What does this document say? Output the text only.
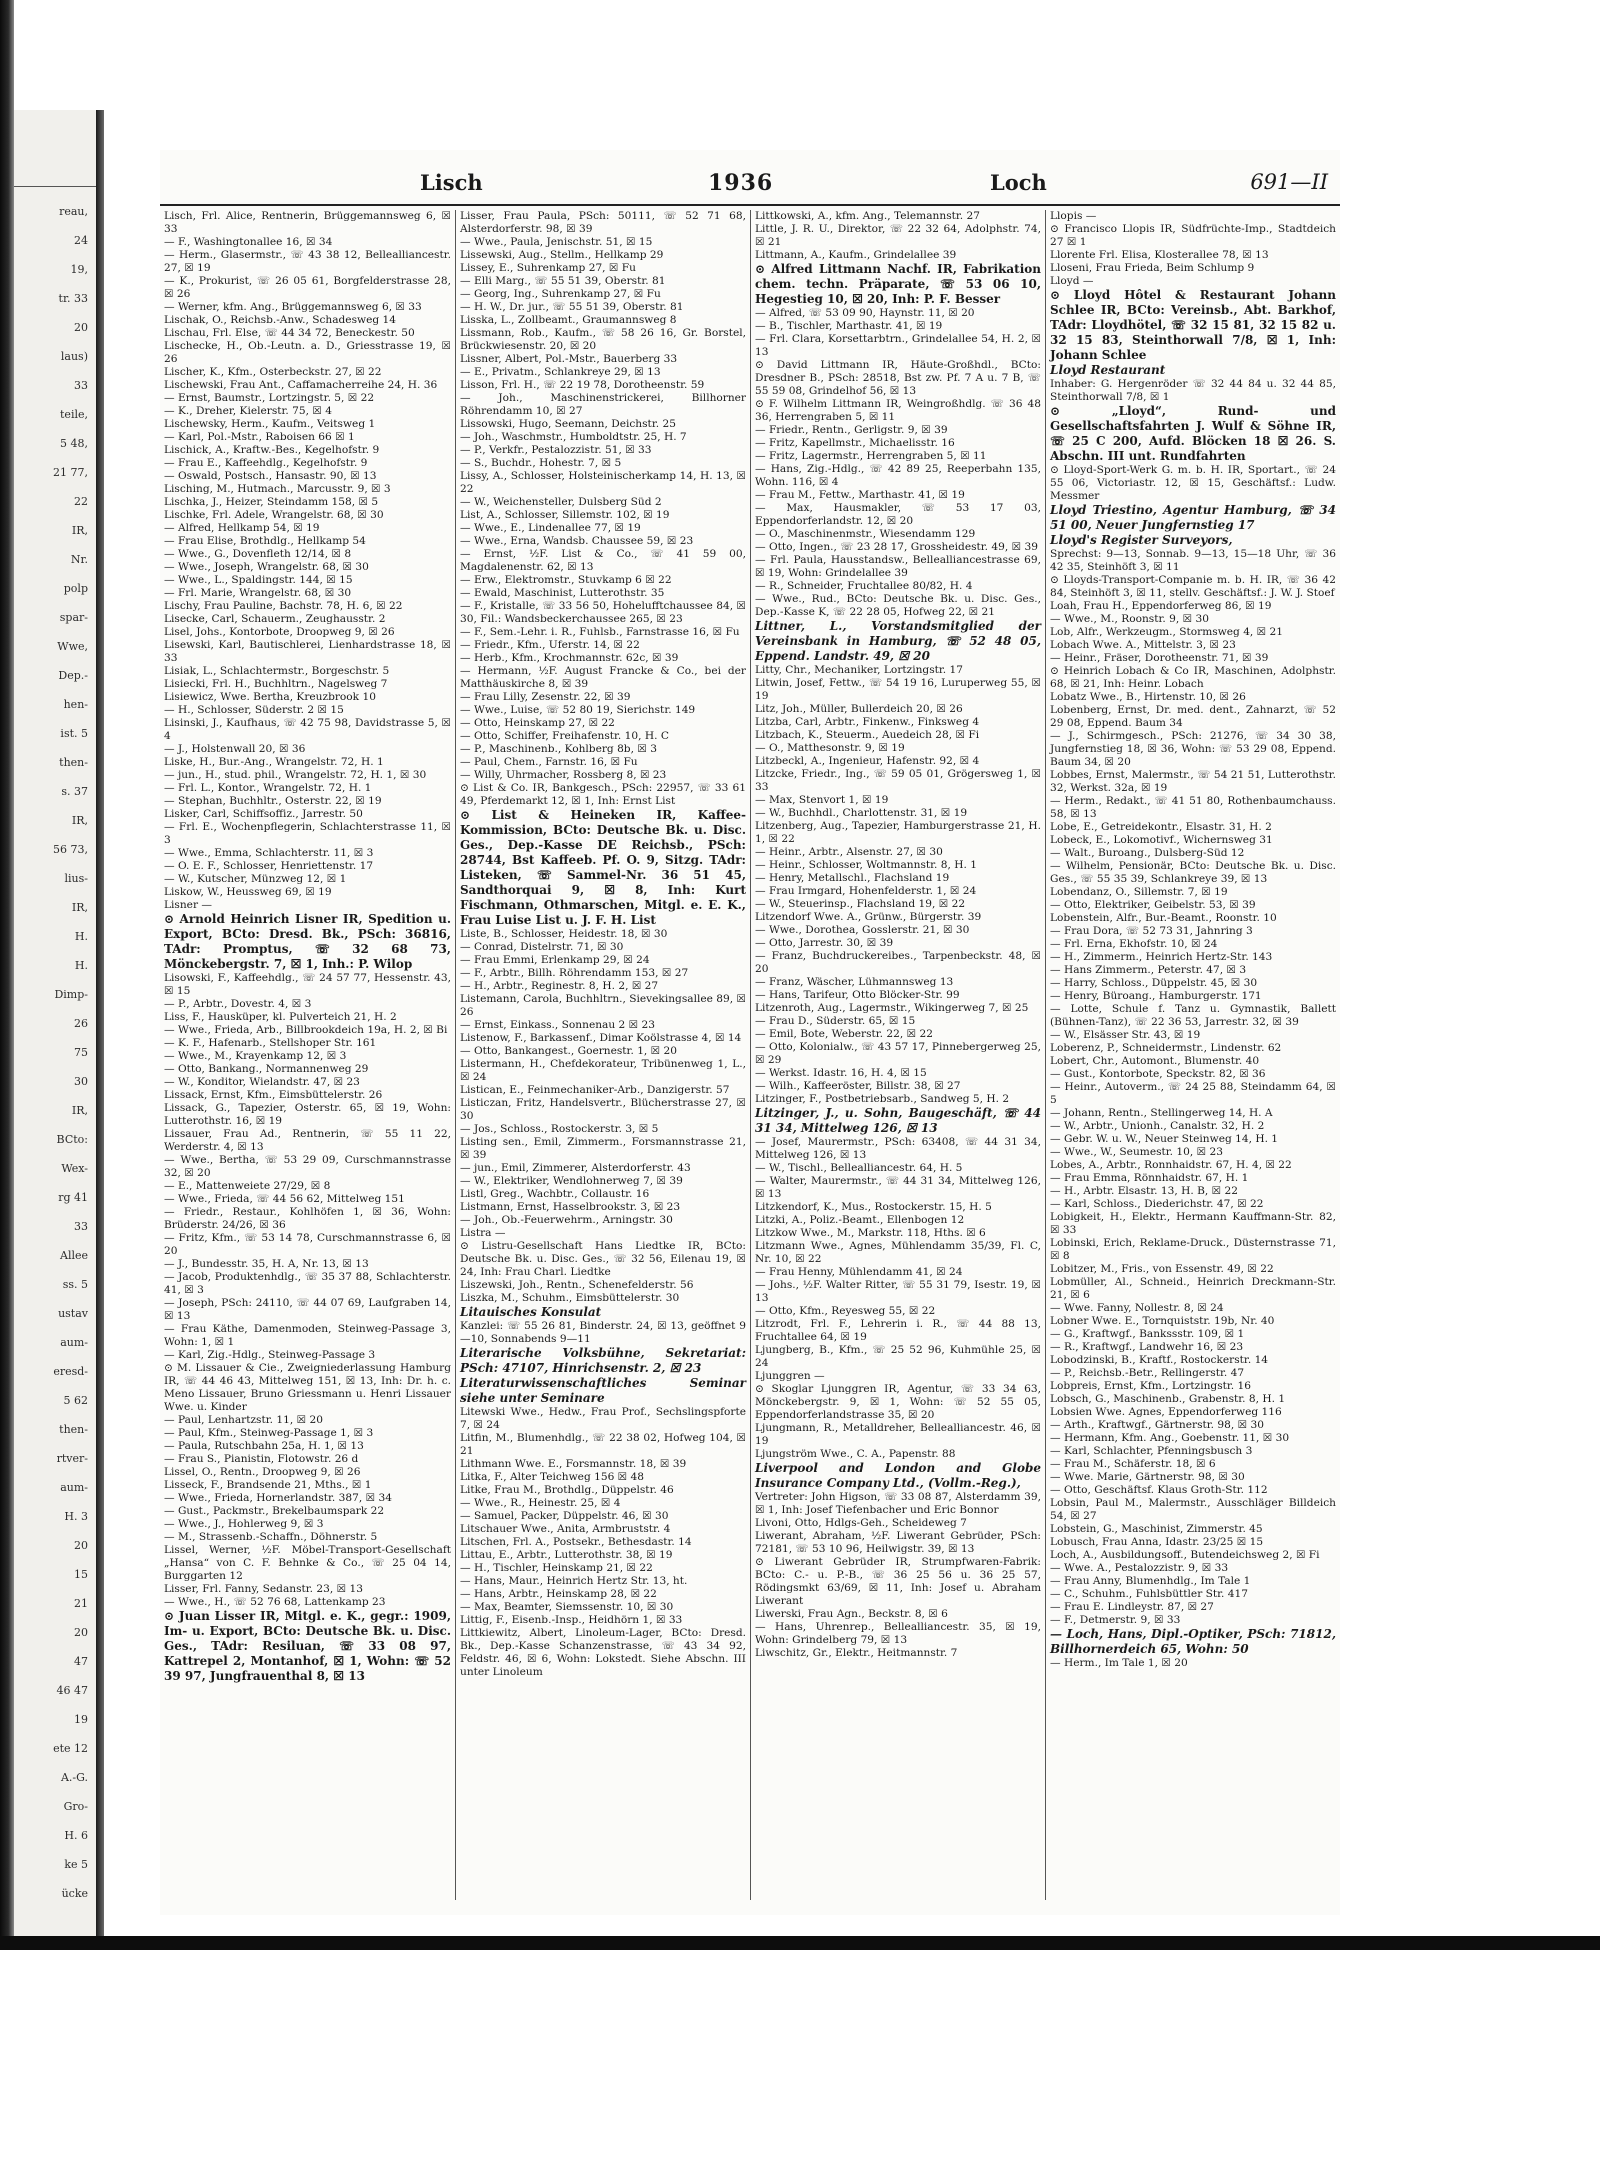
reau,
24
19,
tr. 33
20
laus)
33
teile,
5 48,
21 77,
22
IR,
Nr.
polp
spar-
Wwe,
Dep.-
hen-
ist. 5
then-
s. 37
IR,
56 73,
lius-
IR,
H.
H.
Dimp-
26
75
30
IR,
BCto:
Wex-
rg 41
33
Allee
ss. 5
ustav
aum-
eresd-
5 62
then-
rtver-
aum-
H. 3
20
15
21
20
47
46 47
19
ete 12
A.-G.
Gro-
H. 6
ke 5
ücke
Lisch	1936	Loch	691—II

Lisch, Frl. Alice, Rentnerin, Brüggemannsweg 6, ☒ 33

— F., Washingtonallee 16, ☒ 34

— Herm., Glasermstr., ☏ 43 38 12, Bellealliancestr. 27, ☒ 19

— K., Prokurist, ☏ 26 05 61, Borgfelderstrasse 28, ☒ 26

— Werner, kfm. Ang., Brüggemannsweg 6, ☒ 33

Lischak, O., Reichsb.-Anw., Schadesweg 14

Lischau, Frl. Else, ☏ 44 34 72, Beneckestr. 50

Lischecke, H., Ob.-Leutn. a. D., Griesstrasse 19, ☒ 26

Lischer, K., Kfm., Osterbeckstr. 27, ☒ 22

Lischewski, Frau Ant., Caffamacherreihe 24, H. 36

— Ernst, Baumstr., Lortzingstr. 5, ☒ 22

— K., Dreher, Kielerstr. 75, ☒ 4

Lischewsky, Herm., Kaufm., Veitsweg 1

— Karl, Pol.-Mstr., Raboisen 66 ☒ 1

Lischick, A., Kraftw.-Bes., Kegelhofstr. 9

— Frau E., Kaffeehdlg., Kegelhofstr. 9

— Oswald, Postsch., Hansastr. 90, ☒ 13

Lisching, M., Hutmach., Marcusstr. 9, ☒ 3

Lischka, J., Heizer, Steindamm 158, ☒ 5

Lischke, Frl. Adele, Wrangelstr. 68, ☒ 30

— Alfred, Hellkamp 54, ☒ 19

— Frau Elise, Brothdlg., Hellkamp 54

— Wwe., G., Dovenfleth 12/14, ☒ 8

— Wwe., Joseph, Wrangelstr. 68, ☒ 30

— Wwe., L., Spaldingstr. 144, ☒ 15

— Frl. Marie, Wrangelstr. 68, ☒ 30

Lischy, Frau Pauline, Bachstr. 78, H. 6, ☒ 22

Lisecke, Carl, Schauerm., Zeughausstr. 2

Lisel, Johs., Kontorbote, Droopweg 9, ☒ 26

Lisewski, Karl, Bautischlerei, Lienhardstrasse 18, ☒ 33

Lisiak, L., Schlachtermstr., Borgeschstr. 5

Lisiecki, Frl. H., Buchhltrn., Nagelsweg 7

Lisiewicz, Wwe. Bertha, Kreuzbrook 10

— H., Schlosser, Süderstr. 2 ☒ 15

Lisinski, J., Kaufhaus, ☏ 42 75 98, Davidstrasse 5, ☒ 4

— J., Holstenwall 20, ☒ 36

Liske, H., Bur.-Ang., Wrangelstr. 72, H. 1

— jun., H., stud. phil., Wrangelstr. 72, H. 1, ☒ 30

— Frl. L., Kontor., Wrangelstr. 72, H. 1

— Stephan, Buchhltr., Osterstr. 22, ☒ 19

Lisker, Carl, Schiffsoffiz., Jarrestr. 50

— Frl. E., Wochenpflegerin, Schlachterstrasse 11, ☒ 3

— Wwe., Emma, Schlachterstr. 11, ☒ 3

— O. E. F., Schlosser, Henriettenstr. 17

— W., Kutscher, Münzweg 12, ☒ 1

Liskow, W., Heussweg 69, ☒ 19

Lisner —

⊙ Arnold Heinrich Lisner IR, Spedition u. Export, BCto: Dresd. Bk., PSch: 36816, TAdr: Promptus, ☏ 32 68 73, Mönckebergstr. 7, ☒ 1, Inh.: P. Wilop

Lisowski, F., Kaffeehdlg., ☏ 24 57 77, Hessenstr. 43, ☒ 15

— P., Arbtr., Dovestr. 4, ☒ 3

Liss, F., Hausküper, kl. Pulverteich 21, H. 2

— Wwe., Frieda, Arb., Billbrookdeich 19a, H. 2, ☒ Bi

— K. F., Hafenarb., Stellshoper Str. 161

— Wwe., M., Krayenkamp 12, ☒ 3

— Otto, Bankang., Normannenweg 29

— W., Konditor, Wielandstr. 47, ☒ 23

Lissack, Ernst, Kfm., Eimsbüttelerstr. 26

Lissack, G., Tapezier, Osterstr. 65, ☒ 19, Wohn: Lutterothstr. 16, ☒ 19

Lissauer, Frau Ad., Rentnerin, ☏ 55 11 22, Werderstr. 4, ☒ 13

— Wwe., Bertha, ☏ 53 29 09, Curschmannstrasse 32, ☒ 20

— E., Mattenweiete 27/29, ☒ 8

— Wwe., Frieda, ☏ 44 56 62, Mittelweg 151

— Friedr., Restaur., Kohlhöfen 1, ☒ 36, Wohn: Brüderstr. 24/26, ☒ 36

— Fritz, Kfm., ☏ 53 14 78, Curschmannstrasse 6, ☒ 20

— J., Bundesstr. 35, H. A, Nr. 13, ☒ 13

— Jacob, Produktenhdlg., ☏ 35 37 88, Schlachterstr. 41, ☒ 3

— Joseph, PSch: 24110, ☏ 44 07 69, Laufgraben 14, ☒ 13

— Frau Käthe, Damenmoden, Steinweg-Passage 3, Wohn: 1, ☒ 1

— Karl, Zig.-Hdlg., Steinweg-Passage 3

⊙ M. Lissauer & Cie., Zweigniederlassung Hamburg IR, ☏ 44 46 43, Mittelweg 151, ☒ 13, Inh: Dr. h. c. Meno Lissauer, Bruno Griessmann u. Henri Lissauer Wwe. u. Kinder

— Paul, Lenhartzstr. 11, ☒ 20

— Paul, Kfm., Steinweg-Passage 1, ☒ 3

— Paula, Rutschbahn 25a, H. 1, ☒ 13

— Frau S., Pianistin, Flotowstr. 26 d

Lissel, O., Rentn., Droopweg 9, ☒ 26

Lisseck, F., Brandsende 21, Mths., ☒ 1

— Wwe., Frieda, Hornerlandstr. 387, ☒ 34

— Gust., Packmstr., Brekelbaumspark 22

— Wwe., J., Hohlerweg 9, ☒ 3

— M., Strassenb.-Schaffn., Döhnerstr. 5

Lissel, Werner, ½F. Möbel-Transport-Gesellschaft „Hansa“ von C. F. Behnke & Co., ☏ 25 04 14, Burggarten 12

Lisser, Frl. Fanny, Sedanstr. 23, ☒ 13

— Wwe., H., ☏ 52 76 68, Lattenkamp 23

⊙ Juan Lisser IR, Mitgl. e. K., gegr.: 1909, Im- u. Export, BCto: Deutsche Bk. u. Disc. Ges., TAdr: Resiluan, ☏ 33 08 97, Kattrepel 2, Montanhof, ☒ 1, Wohn: ☏ 52 39 97, Jungfrauenthal 8, ☒ 13

Lisser, Frau Paula, PSch: 50111, ☏ 52 71 68, Alsterdorferstr. 98, ☒ 39

— Wwe., Paula, Jenischstr. 51, ☒ 15

Lissewski, Aug., Stellm., Hellkamp 29

Lissey, E., Suhrenkamp 27, ☒ Fu

— Elli Marg., ☏ 55 51 39, Oberstr. 81

— Georg, Ing., Suhrenkamp 27, ☒ Fu

— H. W., Dr. jur., ☏ 55 51 39, Oberstr. 81

Lisska, L., Zollbeamt., Graumannsweg 8

Lissmann, Rob., Kaufm., ☏ 58 26 16, Gr. Borstel, Brückwiesenstr. 20, ☒ 20

Lissner, Albert, Pol.-Mstr., Bauerberg 33

— E., Privatm., Schlankreye 29, ☒ 13

Lisson, Frl. H., ☏ 22 19 78, Dorotheenstr. 59

— Joh., Maschinenstrickerei, Billhorner Röhrendamm 10, ☒ 27

Lissowski, Hugo, Seemann, Deichstr. 25

— Joh., Waschmstr., Humboldtstr. 25, H. 7

— P., Verkfr., Pestalozzistr. 51, ☒ 33

— S., Buchdr., Hohestr. 7, ☒ 5

Lissy, A., Schlosser, Holsteinischerkamp 14, H. 13, ☒ 22

— W., Weichensteller, Dulsberg Süd 2

List, A., Schlosser, Sillemstr. 102, ☒ 19

— Wwe., E., Lindenallee 77, ☒ 19

— Wwe., Erna, Wandsb. Chaussee 59, ☒ 23

— Ernst, ½F. List & Co., ☏ 41 59 00, Magdalenenstr. 62, ☒ 13

— Erw., Elektromstr., Stuvkamp 6 ☒ 22

— Ewald, Maschinist, Lutterothstr. 35

— F., Kristalle, ☏ 33 56 50, Hohelufftchaussee 84, ☒ 30, Fil.: Wandsbeckerchaussee 265, ☒ 23

— F., Sem.-Lehr. i. R., Fuhlsb., Farnstrasse 16, ☒ Fu

— Friedr., Kfm., Uferstr. 14, ☒ 22

— Herb., Kfm., Krochmannstr. 62c, ☒ 39

— Hermann, ½F. August Francke & Co., bei der Matthäuskirche 8, ☒ 39

— Frau Lilly, Zesenstr. 22, ☒ 39

— Wwe., Luise, ☏ 52 80 19, Sierichstr. 149

— Otto, Heinskamp 27, ☒ 22

— Otto, Schiffer, Freihafenstr. 10, H. C

— P., Maschinenb., Kohlberg 8b, ☒ 3

— Paul, Chem., Farnstr. 16, ☒ Fu

— Willy, Uhrmacher, Rossberg 8, ☒ 23

⊙ List & Co. IR, Bankgesch., PSch: 22957, ☏ 33 61 49, Pferdemarkt 12, ☒ 1, Inh: Ernst List

⊙ List & Heineken IR, Kaffee-Kommission, BCto: Deutsche Bk. u. Disc. Ges., Dep.-Kasse DE Reichsb., PSch: 28744, Bst Kaffeeb. Pf. O. 9, Sitzg. TAdr: Listeken, ☏ Sammel-Nr. 36 51 45, Sandthorquai 9, ☒ 8, Inh: Kurt Fischmann, Othmarschen, Mitgl. e. E. K., Frau Luise List u. J. F. H. List

Liste, B., Schlosser, Heidestr. 18, ☒ 30

— Conrad, Distelrstr. 71, ☒ 30

— Frau Emmi, Erlenkamp 29, ☒ 24

— F., Arbtr., Billh. Röhrendamm 153, ☒ 27

— H., Arbtr., Reginestr. 8, H. 2, ☒ 27

Listemann, Carola, Buchhltrn., Sievekingsallee 89, ☒ 26

— Ernst, Einkass., Sonnenau 2 ☒ 23

Listenow, F., Barkassenf., Dimar Koölstrasse 4, ☒ 14

— Otto, Bankangest., Goernestr. 1, ☒ 20

Listermann, H., Chefdekorateur, Tribünenweg 1, L., ☒ 24

Listican, E., Feinmechaniker-Arb., Danzigerstr. 57

Listiczan, Fritz, Handelsvertr., Blücherstrasse 27, ☒ 30

— Jos., Schloss., Rostockerstr. 3, ☒ 5

Listing sen., Emil, Zimmerm., Forsmannstrasse 21, ☒ 39

— jun., Emil, Zimmerer, Alsterdorferstr. 43

— W., Elektriker, Wendlohnerweg 7, ☒ 39

Listl, Greg., Wachbtr., Collaustr. 16

Listmann, Ernst, Hasselbrookstr. 3, ☒ 23

— Joh., Ob.-Feuerwehrm., Arningstr. 30

Listra —

⊙ Listru-Gesellschaft Hans Liedtke IR, BCto: Deutsche Bk. u. Disc. Ges., ☏ 32 56, Eilenau 19, ☒ 24, Inh: Frau Charl. Liedtke

Liszewski, Joh., Rentn., Schenefelderstr. 56

Liszka, M., Schuhm., Eimsbüttelerstr. 30

Litauisches Konsulat

Kanzlei: ☏ 55 26 81, Binderstr. 24, ☒ 13, geöffnet 9—10, Sonnabends 9—11

Literarische Volksbühne, Sekretariat: PSch: 47107, Hinrichsenstr. 2, ☒ 23

Literaturwissenschaftliches Seminar siehe unter Seminare

Litewski Wwe., Hedw., Frau Prof., Sechslingspforte 7, ☒ 24

Litfin, M., Blumenhdlg., ☏ 22 38 02, Hofweg 104, ☒ 21

Lithmann Wwe. E., Forsmannstr. 18, ☒ 39

Litka, F., Alter Teichweg 156 ☒ 48

Litke, Frau M., Brothdlg., Düppelstr. 46

— Wwe., R., Heinestr. 25, ☒ 4

— Samuel, Packer, Düppelstr. 46, ☒ 30

Litschauer Wwe., Anita, Armbruststr. 4

Litschen, Frl. A., Postsekr., Bethesdastr. 14

Littau, E., Arbtr., Lutterothstr. 38, ☒ 19

— H., Tischler, Heinskamp 21, ☒ 22

— Hans, Maur., Heinrich Hertz Str. 13, ht.

— Hans, Arbtr., Heinskamp 28, ☒ 22

— Max, Beamter, Siemssenstr. 10, ☒ 30

Littig, F., Eisenb.-Insp., Heidhörn 1, ☒ 33

Littkiewitz, Albert, Linoleum-Lager, BCto: Dresd. Bk., Dep.-Kasse Schanzenstrasse, ☏ 43 34 92, Feldstr. 46, ☒ 6, Wohn: Lokstedt. Siehe Abschn. III unter Linoleum

Littkowski, A., kfm. Ang., Telemannstr. 27

Little, J. R. U., Direktor, ☏ 22 32 64, Adolphstr. 74, ☒ 21

Littmann, A., Kaufm., Grindelallee 39

⊙ Alfred Littmann Nachf. IR, Fabrikation chem. techn. Präparate, ☏ 53 06 10, Hegestieg 10, ☒ 20, Inh: P. F. Besser

— Alfred, ☏ 53 09 90, Haynstr. 11, ☒ 20

— B., Tischler, Marthastr. 41, ☒ 19

— Frl. Clara, Korsettarbtrn., Grindelallee 54, H. 2, ☒ 13

⊙ David Littmann IR, Häute-Großhdl., BCto: Dresdner B., PSch: 28518, Bst zw. Pf. 7 A u. 7 B, ☏ 55 59 08, Grindelhof 56, ☒ 13

⊙ F. Wilhelm Littmann IR, Weingroßhdlg. ☏ 36 48 36, Herrengraben 5, ☒ 11

— Friedr., Rentn., Gerligstr. 9, ☒ 39

— Fritz, Kapellmstr., Michaelisstr. 16

— Fritz, Lagermstr., Herrengraben 5, ☒ 11

— Hans, Zig.-Hdlg., ☏ 42 89 25, Reeperbahn 135, Wohn. 116, ☒ 4

— Frau M., Fettw., Marthastr. 41, ☒ 19

— Max, Hausmakler, ☏ 53 17 03, Eppendorferlandstr. 12, ☒ 20

— O., Maschinenmstr., Wiesendamm 129

— Otto, Ingen., ☏ 23 28 17, Grossheidestr. 49, ☒ 39

— Frl. Paula, Hausstandsw., Bellealliancestrasse 69, ☒ 19, Wohn: Grindelallee 39

— R., Schneider, Fruchtallee 80/82, H. 4

— Wwe., Rud., BCto: Deutsche Bk. u. Disc. Ges., Dep.-Kasse K, ☏ 22 28 05, Hofweg 22, ☒ 21

Littner, L., Vorstandsmitglied der Vereinsbank in Hamburg, ☏ 52 48 05, Eppend. Landstr. 49, ☒ 20

Litty, Chr., Mechaniker, Lortzingstr. 17

Litwin, Josef, Fettw., ☏ 54 19 16, Luruperweg 55, ☒ 19

Litz, Joh., Müller, Bullerdeich 20, ☒ 26

Litzba, Carl, Arbtr., Finkenw., Finksweg 4

Litzbach, K., Steuerm., Auedeich 28, ☒ Fi

— O., Matthesonstr. 9, ☒ 19

Litzbeckl, A., Ingenieur, Hafenstr. 92, ☒ 4

Litzcke, Friedr., Ing., ☏ 59 05 01, Grögersweg 1, ☒ 33

— Max, Stenvort 1, ☒ 19

— W., Buchhdl., Charlottenstr. 31, ☒ 19

Litzenberg, Aug., Tapezier, Hamburgerstrasse 21, H. 1, ☒ 22

— Heinr., Arbtr., Alsenstr. 27, ☒ 30

— Heinr., Schlosser, Woltmannstr. 8, H. 1

— Henry, Metallschl., Flachsland 19

— Frau Irmgard, Hohenfelderstr. 1, ☒ 24

— W., Steuerinsp., Flachsland 19, ☒ 22

Litzendorf Wwe. A., Grünw., Bürgerstr. 39

— Wwe., Dorothea, Gosslerstr. 21, ☒ 30

— Otto, Jarrestr. 30, ☒ 39

— Franz, Buchdruckereibes., Tarpenbeckstr. 48, ☒ 20

— Franz, Wäscher, Lühmannsweg 13

— Hans, Tarifeur, Otto Blöcker-Str. 99

Litzenroth, Aug., Lagermstr., Wikingerweg 7, ☒ 25

— Frau D., Süderstr. 65, ☒ 15

— Emil, Bote, Weberstr. 22, ☒ 22

— Otto, Kolonialw., ☏ 43 57 17, Pinnebergerweg 25, ☒ 29

— Werkst. Idastr. 16, H. 4, ☒ 15

— Wilh., Kaffeeröster, Billstr. 38, ☒ 27

Litzinger, F., Postbetriebsarb., Sandweg 5, H. 2

Litzinger, J., u. Sohn, Baugeschäft, ☏ 44 31 34, Mittelweg 126, ☒ 13

— Josef, Maurermstr., PSch: 63408, ☏ 44 31 34, Mittelweg 126, ☒ 13

— W., Tischl., Bellealliancestr. 64, H. 5

— Walter, Maurermstr., ☏ 44 31 34, Mittelweg 126, ☒ 13

Litzkendorf, K., Mus., Rostockerstr. 15, H. 5

Litzki, A., Poliz.-Beamt., Ellenbogen 12

Litzkow Wwe., M., Markstr. 118, Hths. ☒ 6

Litzmann Wwe., Agnes, Mühlendamm 35/39, Fl. C, Nr. 10, ☒ 22

— Frau Henny, Mühlendamm 41, ☒ 24

— Johs., ½F. Walter Ritter, ☏ 55 31 79, Isestr. 19, ☒ 13

— Otto, Kfm., Reyesweg 55, ☒ 22

Litzrodt, Frl. F., Lehrerin i. R., ☏ 44 88 13, Fruchtallee 64, ☒ 19

Ljungberg, B., Kfm., ☏ 25 52 96, Kuhmühle 25, ☒ 24

Ljunggren —

⊙ Skoglar Ljunggren IR, Agentur, ☏ 33 34 63, Mönckebergstr. 9, ☒ 1, Wohn: ☏ 52 55 05, Eppendorferlandstrasse 35, ☒ 20

Ljungmann, R., Metalldreher, Bellealliancestr. 46, ☒ 19

Ljungström Wwe., C. A., Papenstr. 88

Liverpool and London and Globe Insurance Company Ltd., (Vollm.-Reg.),

Vertreter: John Higson, ☏ 33 08 87, Alsterdamm 39, ☒ 1, Inh: Josef Tiefenbacher und Eric Bonnor

Livoni, Otto, Hdlgs-Geh., Scheideweg 7

Liwerant, Abraham, ½F. Liwerant Gebrüder, PSch: 72181, ☏ 53 10 96, Heilwigstr. 39, ☒ 13

⊙ Liwerant Gebrüder IR, Strumpfwaren-Fabrik: BCto: C.- u. P.-B., ☏ 36 25 56 u. 36 25 57, Rödingsmkt 63/69, ☒ 11, Inh: Josef u. Abraham Liwerant

Liwerski, Frau Agn., Beckstr. 8, ☒ 6

— Hans, Uhrenrep., Bellealliancestr. 35, ☒ 19, Wohn: Grindelberg 79, ☒ 13

Liwschitz, Gr., Elektr., Heitmannstr. 7

Llopis —

⊙ Francisco Llopis IR, Südfrüchte-Imp., Stadtdeich 27 ☒ 1

Llorente Frl. Elisa, Klosterallee 78, ☒ 13

Lloseni, Frau Frieda, Beim Schlump 9

Lloyd —

⊙ Lloyd Hôtel & Restaurant Johann Schlee IR, BCto: Vereinsb., Abt. Barkhof, TAdr: Lloydhötel, ☏ 32 15 81, 32 15 82 u. 32 15 83, Steinthorwall 7/8, ☒ 1, Inh: Johann Schlee

Lloyd Restaurant

Inhaber: G. Hergenröder ☏ 32 44 84 u. 32 44 85, Steinthorwall 7/8, ☒ 1

⊙ „Lloyd“, Rund- und Gesellschaftsfahrten J. Wulf & Söhne IR, ☏ 25 C 200, Aufd. Blöcken 18 ☒ 26. S. Abschn. III unt. Rundfahrten

⊙ Lloyd-Sport-Werk G. m. b. H. IR, Sportart., ☏ 24 55 06, Victoriastr. 12, ☒ 15, Geschäftsf.: Ludw. Messmer

Lloyd Triestino, Agentur Hamburg, ☏ 34 51 00, Neuer Jungfernstieg 17

Lloyd's Register Surveyors,

Sprechst: 9—13, Sonnab. 9—13, 15—18 Uhr, ☏ 36 42 35, Steinhöft 3, ☒ 11

⊙ Lloyds-Transport-Companie m. b. H. IR, ☏ 36 42 84, Steinhöft 3, ☒ 11, stellv. Geschäftsf.: J. W. J. Stoef

Loah, Frau H., Eppendorferweg 86, ☒ 19

— Wwe., M., Roonstr. 9, ☒ 30

Lob, Alfr., Werkzeugm., Stormsweg 4, ☒ 21

Lobach Wwe. A., Mittelstr. 3, ☒ 23

— Heinr., Fräser, Dorotheenstr. 71, ☒ 39

⊙ Heinrich Lobach & Co IR, Maschinen, Adolphstr. 68, ☒ 21, Inh: Heinr. Lobach

Lobatz Wwe., B., Hirtenstr. 10, ☒ 26

Lobenberg, Ernst, Dr. med. dent., Zahnarzt, ☏ 52 29 08, Eppend. Baum 34

— J., Schirmgesch., PSch: 21276, ☏ 34 30 38, Jungfernstieg 18, ☒ 36, Wohn: ☏ 53 29 08, Eppend. Baum 34, ☒ 20

Lobbes, Ernst, Malermstr., ☏ 54 21 51, Lutterothstr. 32, Werkst. 32a, ☒ 19

— Herm., Redakt., ☏ 41 51 80, Rothenbaumchauss. 58, ☒ 13

Lobe, E., Getreidekontr., Elsastr. 31, H. 2

Lobeck, E., Lokomotivf., Wichernsweg 31

— Walt., Buroang., Dulsberg-Süd 12

— Wilhelm, Pensionär, BCto: Deutsche Bk. u. Disc. Ges., ☏ 55 35 39, Schlankreye 39, ☒ 13

Lobendanz, O., Sillemstr. 7, ☒ 19

— Otto, Elektriker, Geibelstr. 53, ☒ 39

Lobenstein, Alfr., Bur.-Beamt., Roonstr. 10

— Frau Dora, ☏ 52 73 31, Jahnring 3

— Frl. Erna, Ekhofstr. 10, ☒ 24

— H., Zimmerm., Heinrich Hertz-Str. 143

— Hans Zimmerm., Peterstr. 47, ☒ 3

— Harry, Schloss., Düppelstr. 45, ☒ 30

— Henry, Büroang., Hamburgerstr. 171

— Lotte, Schule f. Tanz u. Gymnastik, Ballett (Bühnen-Tanz), ☏ 22 36 53, Jarrestr. 32, ☒ 39

— W., Elsässer Str. 43, ☒ 19

Loberenz, P., Schneidermstr., Lindenstr. 62

Lobert, Chr., Automont., Blumenstr. 40

— Gust., Kontorbote, Speckstr. 82, ☒ 36

— Heinr., Autoverm., ☏ 24 25 88, Steindamm 64, ☒ 5

— Johann, Rentn., Stellingerweg 14, H. A

— W., Arbtr., Unionh., Canalstr. 32, H. 2

— Gebr. W. u. W., Neuer Steinweg 14, H. 1

— Wwe., W., Seumestr. 10, ☒ 23

Lobes, A., Arbtr., Ronnhaidstr. 67, H. 4, ☒ 22

— Frau Emma, Rönnhaidstr. 67, H. 1

— H., Arbtr. Elsastr. 13, H. B, ☒ 22

— Karl, Schloss., Diederichstr. 47, ☒ 22

Lobigkeit, H., Elektr., Hermann Kauffmann-Str. 82, ☒ 33

Lobinski, Erich, Reklame-Druck., Düsternstrasse 71, ☒ 8

Lobitzer, M., Fris., von Essenstr. 49, ☒ 22

Lobmüller, Al., Schneid., Heinrich Dreckmann-Str. 21, ☒ 6

— Wwe. Fanny, Nollestr. 8, ☒ 24

Lobner Wwe. E., Tornquiststr. 19b, Nr. 40

— G., Kraftwgf., Bankssstr. 109, ☒ 1

— R., Kraftwgf., Landwehr 16, ☒ 23

Lobodzinski, B., Kraftf., Rostockerstr. 14

— P., Reichsb.-Betr., Rellingerstr. 47

Lobpreis, Ernst, Kfm., Lortzingstr. 16

Lobsch, G., Maschinenb., Grabenstr. 8, H. 1

Lobsien Wwe. Agnes, Eppendorferweg 116

— Arth., Kraftwgf., Gärtnerstr. 98, ☒ 30

— Hermann, Kfm. Ang., Goebenstr. 11, ☒ 30

— Karl, Schlachter, Pfenningsbusch 3

— Frau M., Schäferstr. 18, ☒ 6

— Wwe. Marie, Gärtnerstr. 98, ☒ 30

— Otto, Geschäftsf. Klaus Groth-Str. 112

Lobsin, Paul M., Malermstr., Ausschläger Billdeich 54, ☒ 27

Lobstein, G., Maschinist, Zimmerstr. 45

Lobusch, Frau Anna, Idastr. 23/25 ☒ 15

Loch, A., Ausbildungsoff., Butendeichsweg 2, ☒ Fi

— Wwe. A., Pestalozzistr. 9, ☒ 33

— Frau Anny, Blumenhdlg., Im Tale 1

— C., Schuhm., Fuhlsbüttler Str. 417

— Frau E. Lindleystr. 87, ☒ 27

— F., Detmerstr. 9, ☒ 33

— Loch, Hans, Dipl.-Optiker, PSch: 71812, Billhornerdeich 65, Wohn: 50

— Herm., Im Tale 1, ☒ 20
